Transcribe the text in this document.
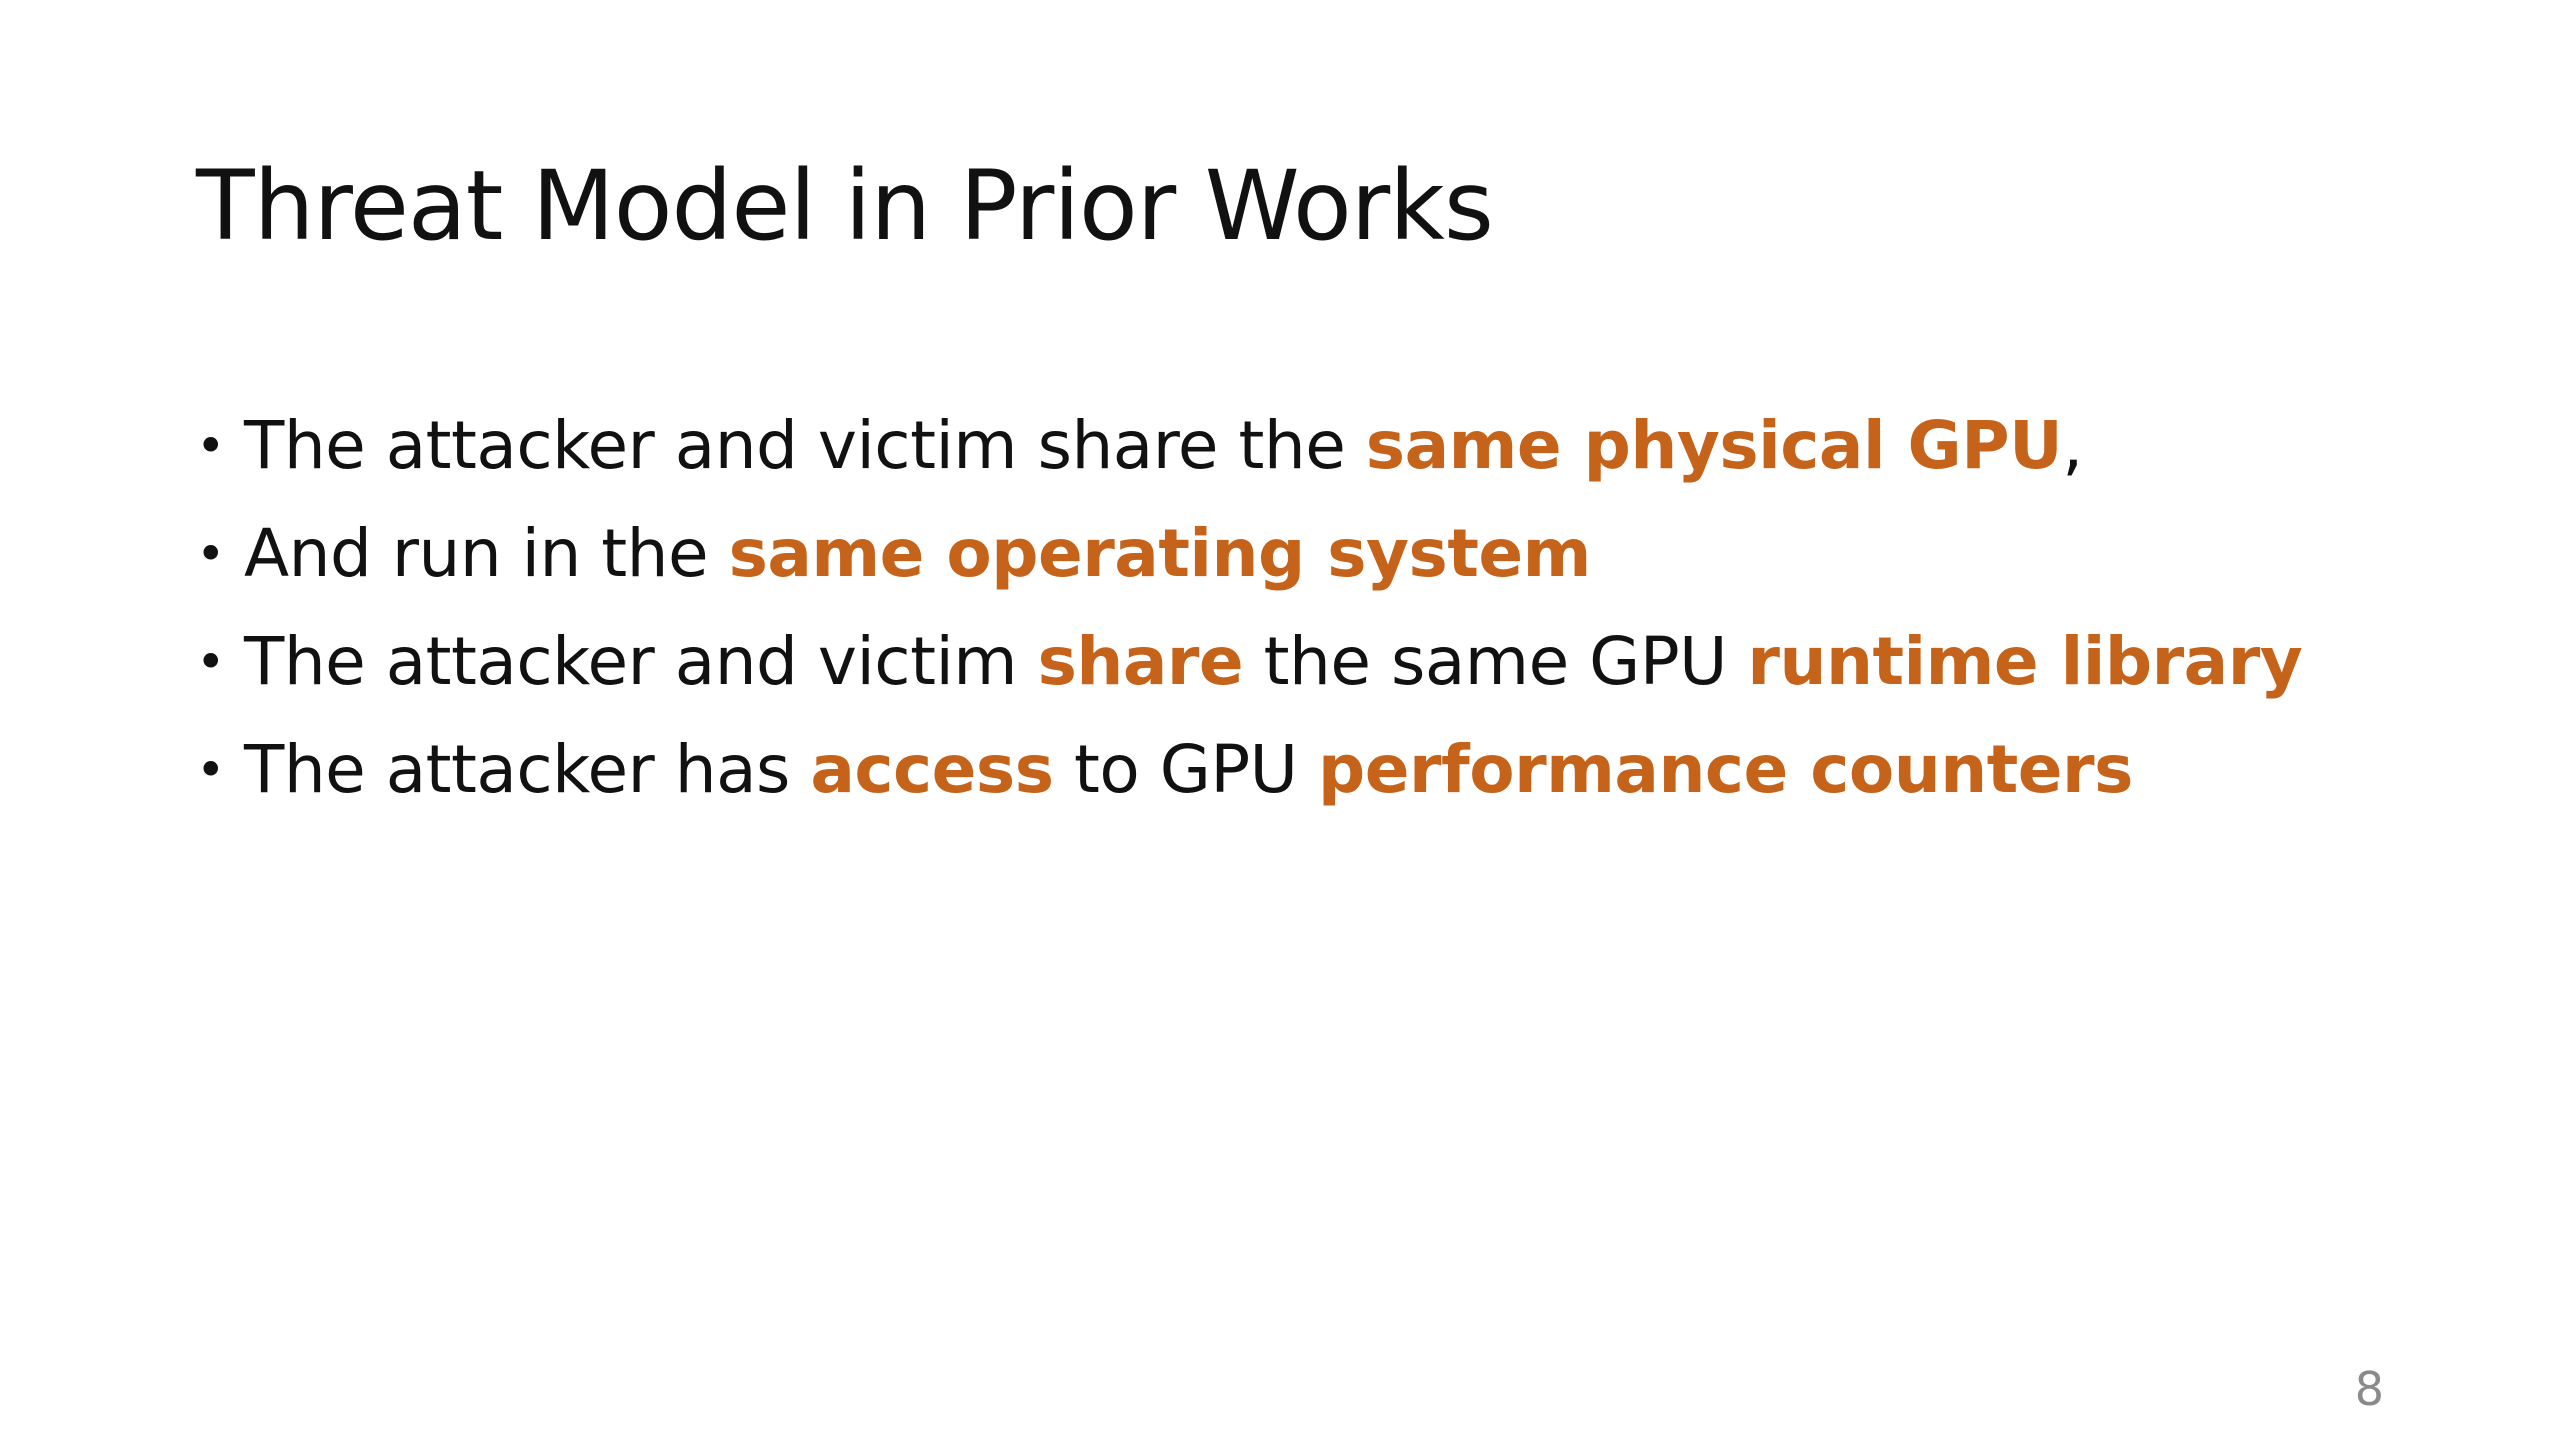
Threat Model in Prior Works
• The attacker and victim share the same physical GPU ,
• And run in the same operating system
• The attacker and victim share the same GPU runtime library
• The attacker has access to GPU performance counters
8
